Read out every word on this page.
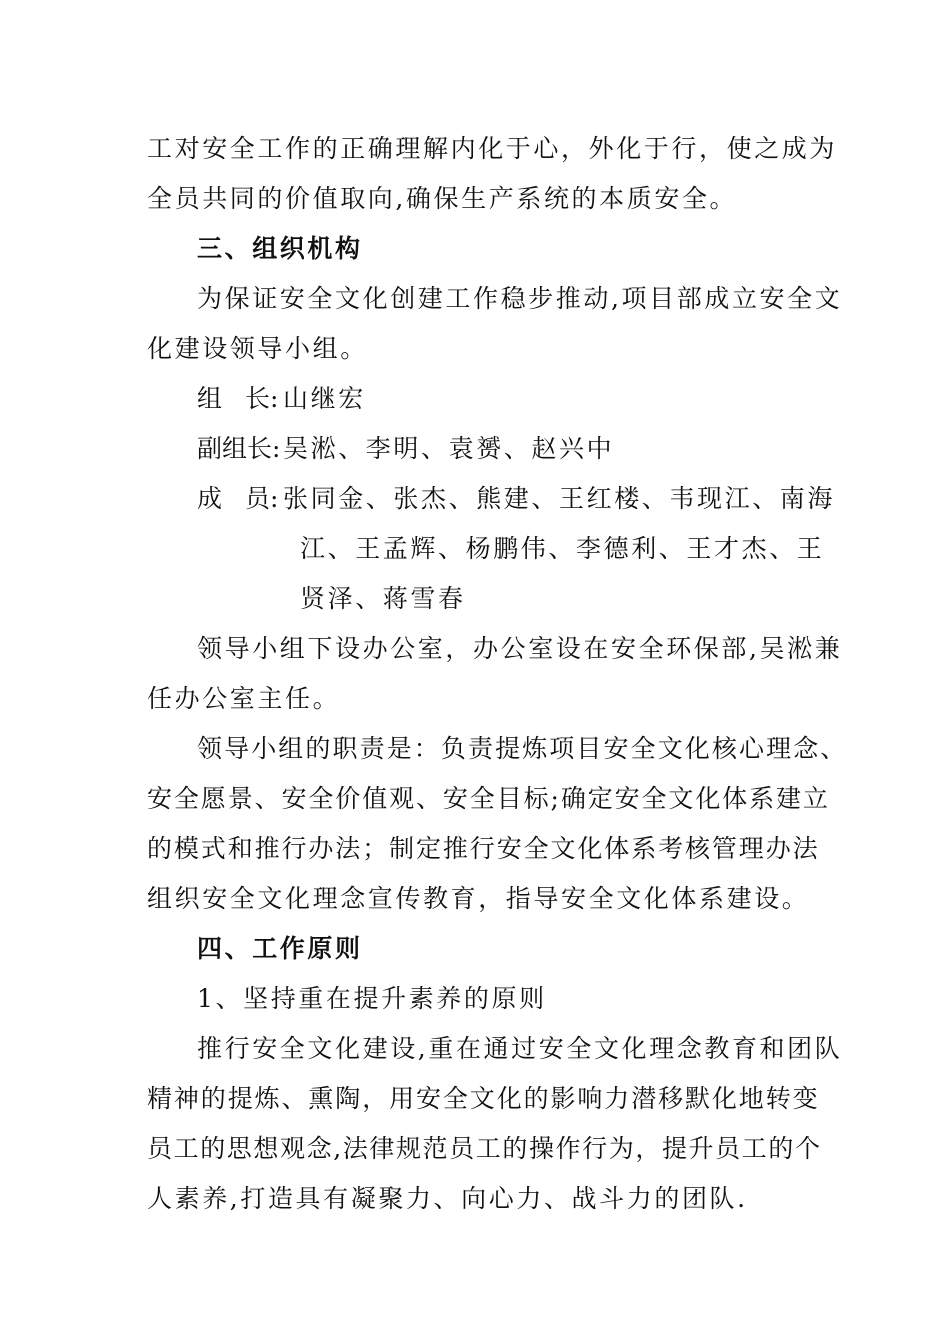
工对安全工作的正确理解内化于心，外化于行，使之成为
全员共同的价值取向,确保生产系统的本质安全。
三、组织机构
为保证安全文化创建工作稳步推动,项目部成立安全文
化建设领导小组。
组 长: 山继宏
副组长: 吴淞、李明、袁赟、赵兴中
成 员: 张同金、张杰、熊建、王红楼、韦现江、南海
江、王孟辉、杨鹏伟、李德利、王才杰、王
贤泽、蒋雪春
领导小组下设办公室，办公室设在安全环保部,吴淞兼
任办公室主任。
领导小组的职责是：负责提炼项目安全文化核心理念、
安全愿景、安全价值观、安全目标;确定安全文化体系建立
的模式和推行办法；制定推行安全文化体系考核管理办法
组织安全文化理念宣传教育，指导安全文化体系建设。
四、工作原则
1、坚持重在提升素养的原则
推行安全文化建设,重在通过安全文化理念教育和团队
精神的提炼、熏陶，用安全文化的影响力潜移默化地转变
员工的思想观念,法律规范员工的操作行为，提升员工的个
人素养,打造具有凝聚力、向心力、战斗力的团队.
